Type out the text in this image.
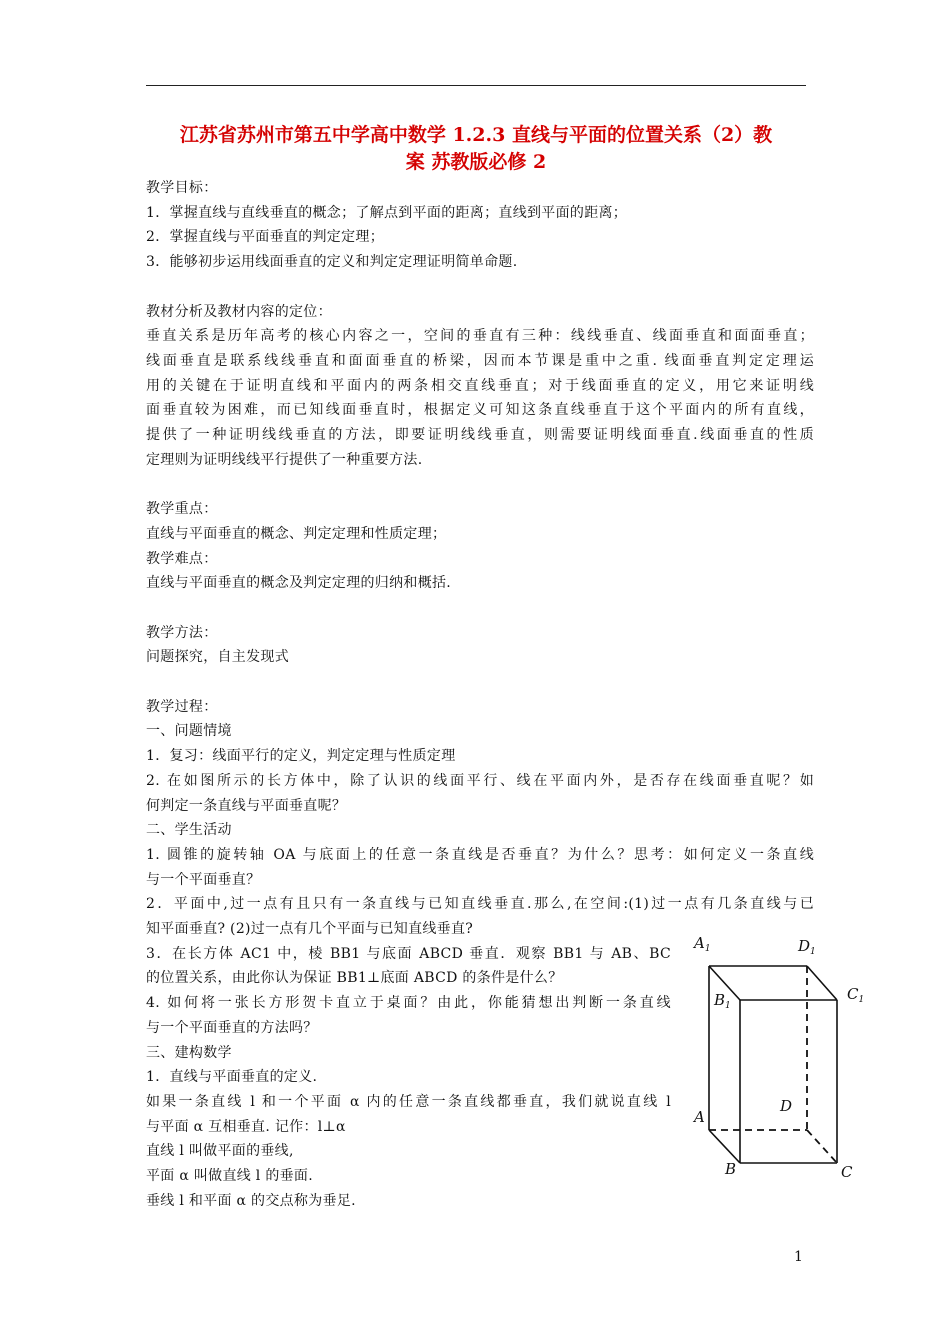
江苏省苏州市第五中学高中数学 1.2.3 直线与平面的位置关系（2）教
案 苏教版必修 2

教学目标：

1．掌握直线与直线垂直的概念；了解点到平面的距离；直线到平面的距离；

2．掌握直线与平面垂直的判定定理；

3．能够初步运用线面垂直的定义和判定定理证明简单命题.

教材分析及教材内容的定位：

垂直关系是历年高考的核心内容之一，空间的垂直有三种：线线垂直、线面垂直和面面垂直；

线面垂直是联系线线垂直和面面垂直的桥梁，因而本节课是重中之重. 线面垂直判定定理运

用的关键在于证明直线和平面内的两条相交直线垂直；对于线面垂直的定义，用它来证明线

面垂直较为困难，而已知线面垂直时，根据定义可知这条直线垂直于这个平面内的所有直线，

提供了一种证明线线垂直的方法，即要证明线线垂直，则需要证明线面垂直.线面垂直的性质

定理则为证明线线平行提供了一种重要方法.

教学重点：

直线与平面垂直的概念、判定定理和性质定理；

教学难点：

直线与平面垂直的概念及判定定理的归纳和概括.

教学方法：

问题探究，自主发现式

教学过程：

一、问题情境

1．复习：线面平行的定义，判定定理与性质定理

2. 在如图所示的长方体中，除了认识的线面平行、线在平面内外，是否存在线面垂直呢？如

何判定一条直线与平面垂直呢？

二、学生活动

1. 圆锥的旋转轴 OA 与底面上的任意一条直线是否垂直？为什么？思考：如何定义一条直线

与一个平面垂直？

2．平面中,过一点有且只有一条直线与已知直线垂直.那么,在空间:(1)过一点有几条直线与已

知平面垂直? (2)过一点有几个平面与已知直线垂直?

3．在长方体 AC1 中，棱 BB1 与底面 ABCD 垂直．观察 BB1 与 AB、BC

的位置关系，由此你认为保证 BB1⊥底面 ABCD 的条件是什么？

4. 如何将一张长方形贺卡直立于桌面？由此，你能猜想出判断一条直线

与一个平面垂直的方法吗？

三、建构数学

1．直线与平面垂直的定义.

如果一条直线 l 和一个平面 α 内的任意一条直线都垂直，我们就说直线 l

与平面 α 互相垂直. 记作：l⊥α

直线 l 叫做平面的垂线,

平面 α 叫做直线 l 的垂面.

垂线 l 和平面 α 的交点称为垂足.

$A_1$	$D_1$
$B_1$
$C_1$
A
D
B	C
1
